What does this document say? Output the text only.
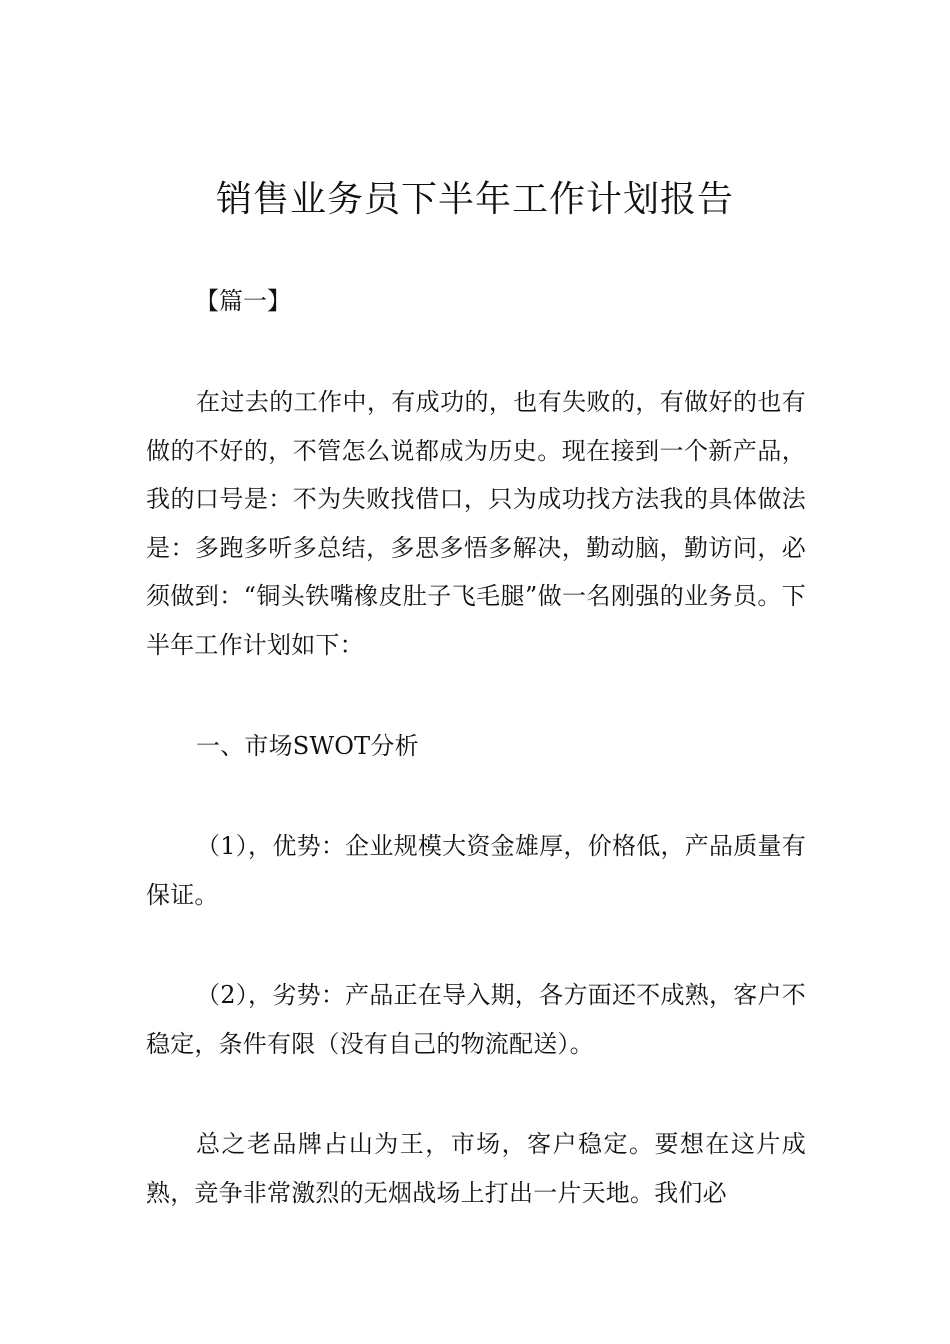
销售业务员下半年工作计划报告

【篇一】

在过去的工作中，有成功的，也有失败的，有做好的也有做的不好的，不管怎么说都成为历史。现在接到一个新产品，我的口号是：不为失败找借口，只为成功找方法我的具体做法是：多跑多听多总结，多思多悟多解决，勤动脑，勤访问，必须做到：“铜头铁嘴橡皮肚子飞毛腿”做一名刚强的业务员。下半年工作计划如下：

一、市场SWOT分析

（1），优势：企业规模大资金雄厚，价格低，产品质量有保证。

（2），劣势：产品正在导入期，各方面还不成熟，客户不稳定，条件有限（没有自己的物流配送）。

总之老品牌占山为王，市场，客户稳定。要想在这片成熟，竞争非常激烈的无烟战场上打出一片天地。我们必
